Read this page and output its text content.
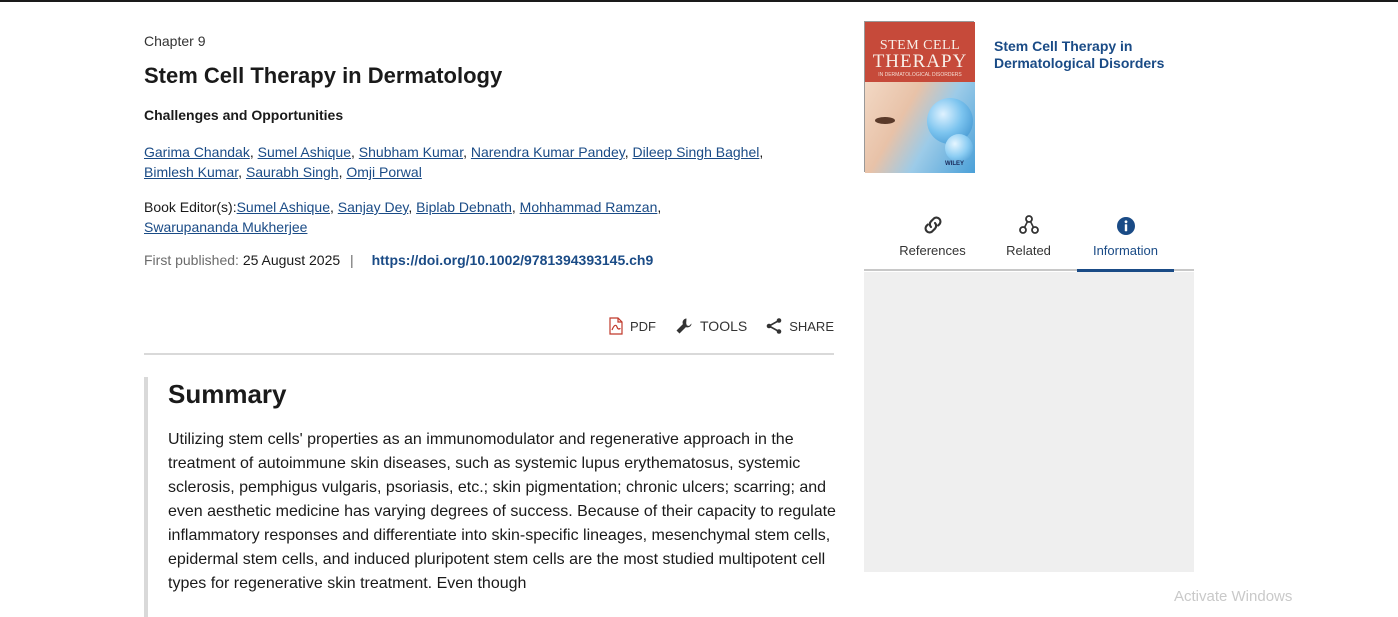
Chapter 9
Stem Cell Therapy in Dermatology
Challenges and Opportunities
Garima Chandak, Sumel Ashique, Shubham Kumar, Narendra Kumar Pandey, Dileep Singh Baghel,
Bimlesh Kumar, Saurabh Singh, Omji Porwal
Book Editor(s):Sumel Ashique, Sanjay Dey, Biplab Debnath, Mohhammad Ramzan,
Swarupananda Mukherjee
First published: 25 August 2025 | https://doi.org/10.1002/9781394393145.ch9
PDF	TOOLS	SHARE
Summary

Utilizing stem cells' properties as an immunomodulator and regenerative approach in the treatment of autoimmune skin diseases, such as systemic lupus erythematosus, systemic sclerosis, pemphigus vulgaris, psoriasis, etc.; skin pigmentation; chronic ulcers; scarring; and even aesthetic medicine has varying degrees of success. Because of their capacity to regulate inflammatory responses and differentiate into skin-specific lineages, mesenchymal stem cells, epidermal stem cells, and induced pluripotent stem cells are the most studied multipotent cell types for regenerative skin treatment. Even though

STEM CELL
THERAPY
IN DERMATOLOGICAL DISORDERS
WILEY
Stem Cell Therapy in Dermatological Disorders
References	Related	Information
Activate Windows
